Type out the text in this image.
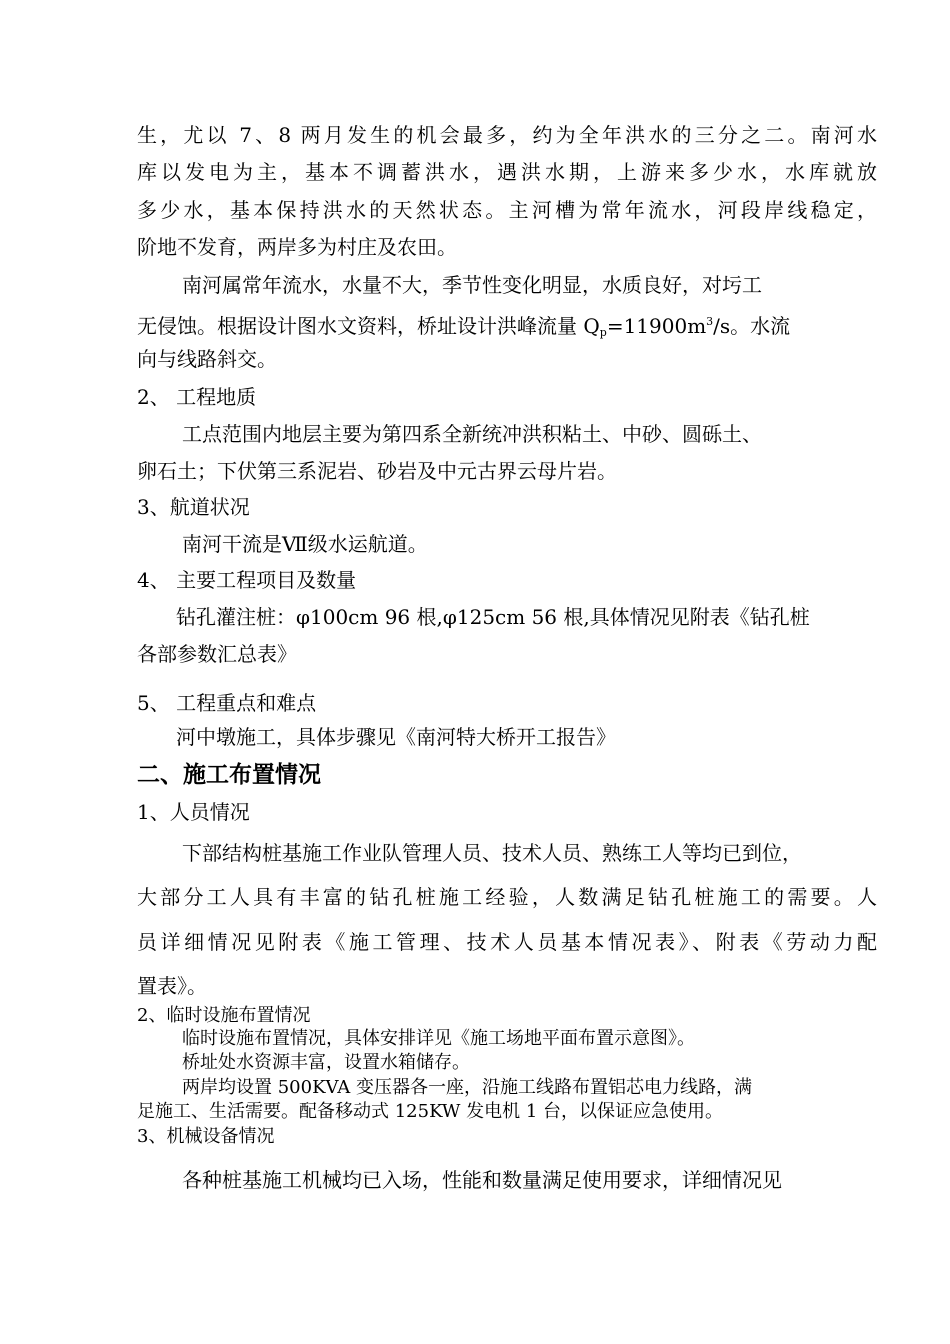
生，尤以 7、8 两月发生的机会最多，约为全年洪水的三分之二。南河水
库以发电为主，基本不调蓄洪水，遇洪水期，上游来多少水，水库就放
多少水，基本保持洪水的天然状态。主河槽为常年流水，河段岸线稳定，
阶地不发育，两岸多为村庄及农田。
南河属常年流水，水量不大，季节性变化明显，水质良好，对圬工
无侵蚀。根据设计图水文资料，桥址设计洪峰流量 $Q_p=11900m^3/s$。水流
向与线路斜交。
2、 工程地质
工点范围内地层主要为第四系全新统冲洪积粘土、中砂、圆砾土、
卵石土；下伏第三系泥岩、砂岩及中元古界云母片岩。
3、航道状况
南河干流是Ⅶ级水运航道。
4、 主要工程项目及数量
钻孔灌注桩：φ100cm 96 根,φ125cm 56 根,具体情况见附表《钻孔桩
各部参数汇总表》
5、 工程重点和难点
河中墩施工，具体步骤见《南河特大桥开工报告》
二、施工布置情况
1、人员情况
下部结构桩基施工作业队管理人员、技术人员、熟练工人等均已到位，
大部分工人具有丰富的钻孔桩施工经验，人数满足钻孔桩施工的需要。人
员详细情况见附表《施工管理、技术人员基本情况表》、附表《劳动力配
置表》。
2、临时设施布置情况
临时设施布置情况，具体安排详见《施工场地平面布置示意图》。
桥址处水资源丰富，设置水箱储存。
两岸均设置 500KVA 变压器各一座，沿施工线路布置铝芯电力线路，满
足施工、生活需要。配备移动式 125KW 发电机 1 台，以保证应急使用。
3、机械设备情况
各种桩基施工机械均已入场，性能和数量满足使用要求，详细情况见
